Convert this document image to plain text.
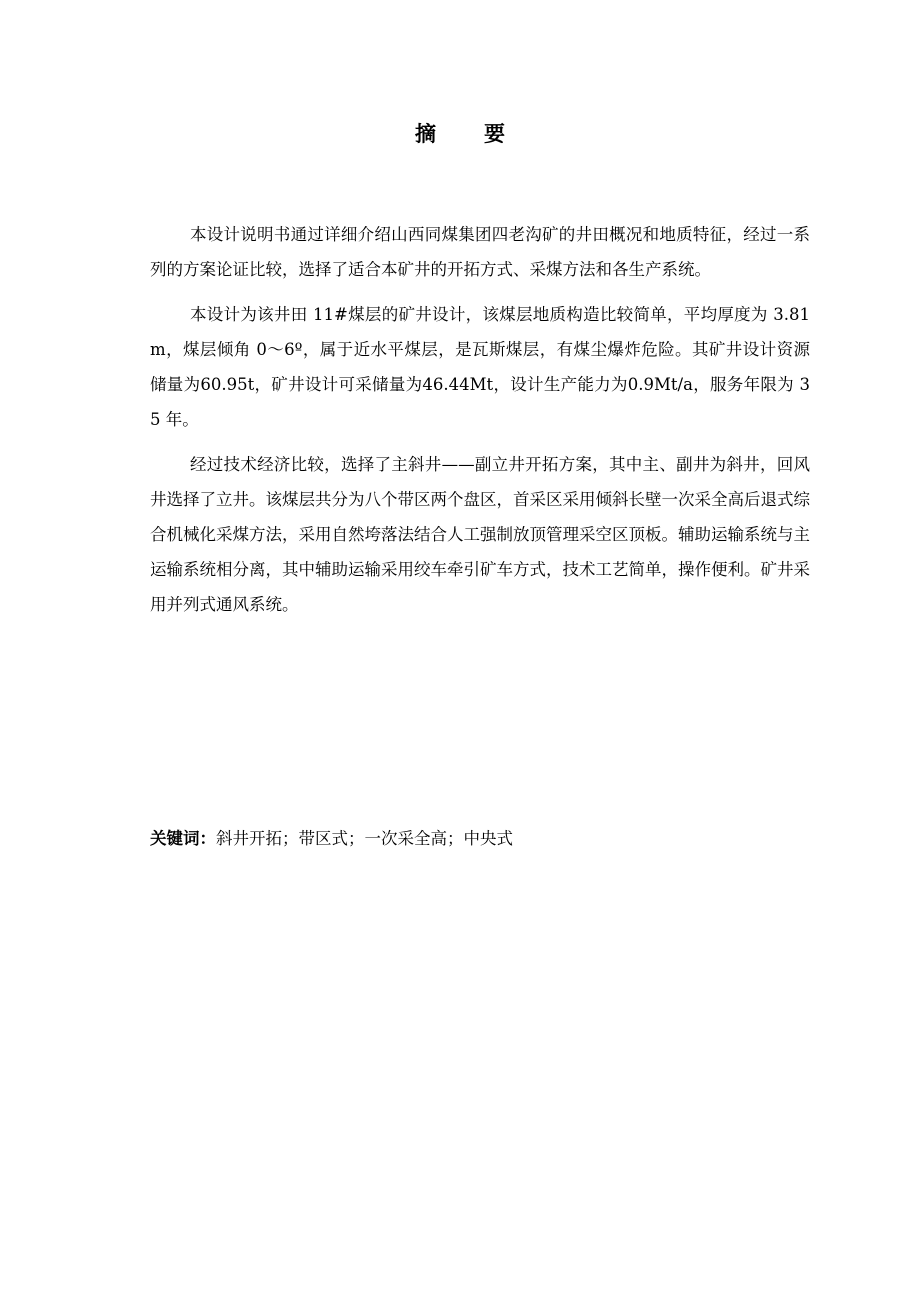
摘 要

本设计说明书通过详细介绍山西同煤集团四老沟矿的井田概况和地质特征，经过一系列的方案论证比较，选择了适合本矿井的开拓方式、采煤方法和各生产系统。

本设计为该井田 11#煤层的矿井设计，该煤层地质构造比较简单，平均厚度为 3.81m，煤层倾角 0～6º，属于近水平煤层，是瓦斯煤层，有煤尘爆炸危险。其矿井设计资源储量为60.95t，矿井设计可采储量为46.44Mt，设计生产能力为0.9Mt/a，服务年限为 35 年。

经过技术经济比较，选择了主斜井——副立井开拓方案，其中主、副井为斜井，回风井选择了立井。该煤层共分为八个带区两个盘区，首采区采用倾斜长壁一次采全高后退式综合机械化采煤方法，采用自然垮落法结合人工强制放顶管理采空区顶板。辅助运输系统与主运输系统相分离，其中辅助运输采用绞车牵引矿车方式，技术工艺简单，操作便利。矿井采用并列式通风系统。

关键词：斜井开拓；带区式；一次采全高；中央式
